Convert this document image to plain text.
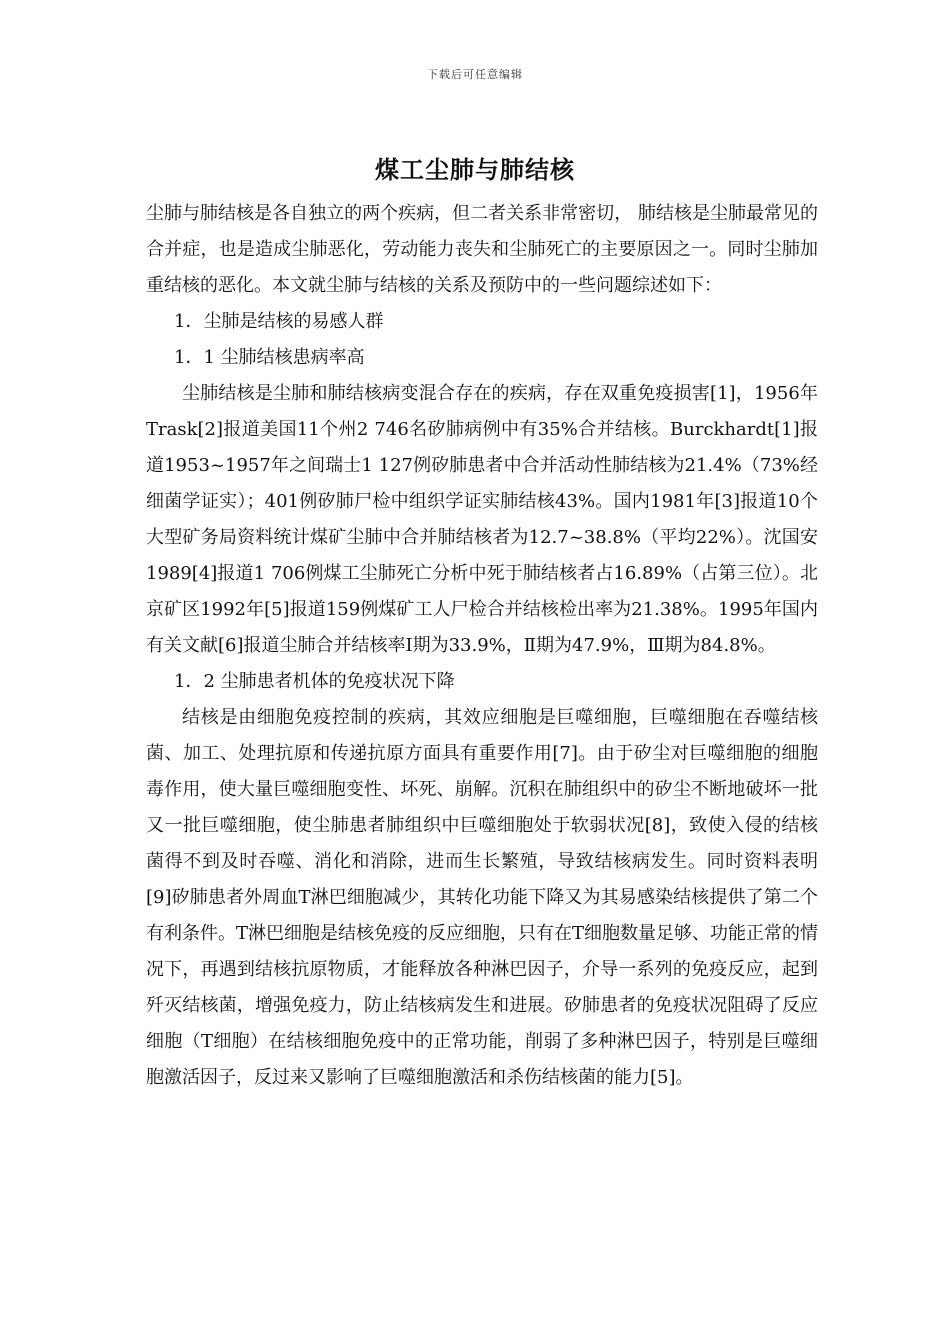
下载后可任意编辑
煤工尘肺与肺结核

尘肺与肺结核是各自独立的两个疾病，但二者关系非常密切， 肺结核是尘肺最常见的合并症，也是造成尘肺恶化，劳动能力丧失和尘肺死亡的主要原因之一。同时尘肺加重结核的恶化。本文就尘肺与结核的关系及预防中的一些问题综述如下：

1．尘肺是结核的易感人群

1．1 尘肺结核患病率高

尘肺结核是尘肺和肺结核病变混合存在的疾病，存在双重免疫损害[1]，1956年Trask[2]报道美国11个州2 746名矽肺病例中有35%合并结核。Burckhardt[1]报道1953~1957年之间瑞士1 127例矽肺患者中合并活动性肺结核为21.4%（73%经细菌学证实）；401例矽肺尸检中组织学证实肺结核43%。国内1981年[3]报道10个大型矿务局资料统计煤矿尘肺中合并肺结核者为12.7~38.8%（平均22%）。沈国安1989[4]报道1 706例煤工尘肺死亡分析中死于肺结核者占16.89%（占第三位）。北京矿区1992年[5]报道159例煤矿工人尸检合并结核检出率为21.38%。1995年国内有关文献[6]报道尘肺合并结核率Ⅰ期为33.9%，Ⅱ期为47.9%，Ⅲ期为84.8%。

1．2 尘肺患者机体的免疫状况下降

结核是由细胞免疫控制的疾病，其效应细胞是巨噬细胞，巨噬细胞在吞噬结核菌、加工、处理抗原和传递抗原方面具有重要作用[7]。由于矽尘对巨噬细胞的细胞毒作用，使大量巨噬细胞变性、坏死、崩解。沉积在肺组织中的矽尘不断地破坏一批又一批巨噬细胞，使尘肺患者肺组织中巨噬细胞处于软弱状况[8]，致使入侵的结核菌得不到及时吞噬、消化和消除，进而生长繁殖，导致结核病发生。同时资料表明[9]矽肺患者外周血T淋巴细胞减少，其转化功能下降又为其易感染结核提供了第二个有利条件。T淋巴细胞是结核免疫的反应细胞，只有在T细胞数量足够、功能正常的情况下，再遇到结核抗原物质，才能释放各种淋巴因子，介导一系列的免疫反应，起到歼灭结核菌，增强免疫力，防止结核病发生和进展。矽肺患者的免疫状况阻碍了反应细胞（T细胞）在结核细胞免疫中的正常功能，削弱了多种淋巴因子，特别是巨噬细胞激活因子，反过来又影响了巨噬细胞激活和杀伤结核菌的能力[5]。
